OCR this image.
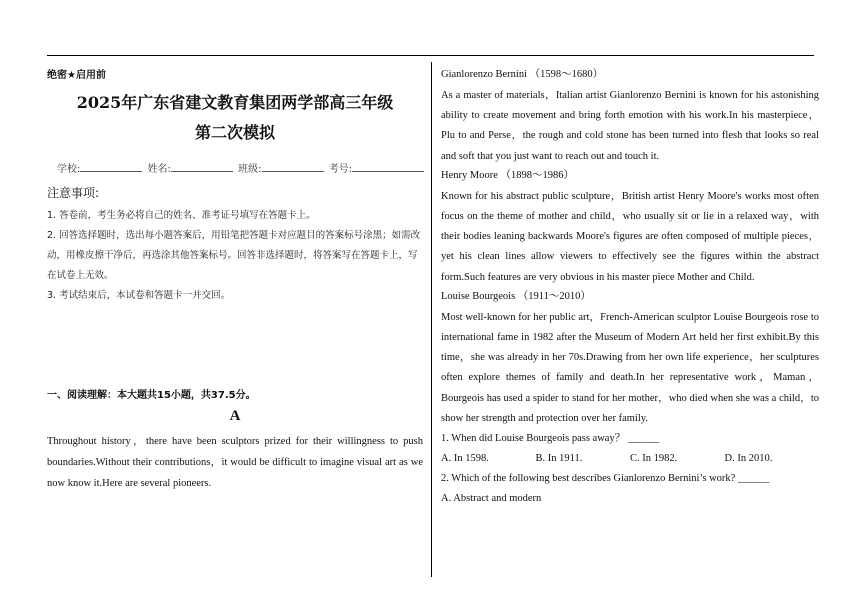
绝密★启用前
2025年广东省建文教育集团两学部高三年级
第二次模拟
学校:	姓名:	班级:	考号:
注意事项:

1. 答卷前，考生务必将自己的姓名、准考证号填写在答题卡上。

2. 回答选择题时，选出每小题答案后，用铅笔把答题卡对应题目的答案标号涂黑；如需改动，用橡皮擦干净后，再选涂其他答案标号。回答非选择题时，将答案写在答题卡上，写在试卷上无效。

3. 考试结束后，本试卷和答题卡一并交回。

一、阅读理解：本大题共15小题，共37.5分。
A
Throughout history，there have been sculptors prized for their willingness to push boundaries.Without their contributions，it would be difficult to imagine visual art as we now know it.Here are several pioneers.

Gianlorenzo Bernini （1598～1680）

As a master of materials，Italian artist Gianlorenzo Bernini is known for his astonishing ability to create movement and bring forth emotion with his work.In his masterpiece，Plu to and Perse，the rough and cold stone has been turned into flesh that looks so real and soft that you just want to reach out and touch it.

Henry Moore （1898～1986）

Known for his abstract public sculpture，British artist Henry Moore's works most often focus on the theme of mother and child，who usually sit or lie in a relaxed way，with their bodies leaning backwards Moore's figures are often composed of multiple pieces，yet his clean lines allow viewers to effectively see the figures within the abstract form.Such features are very obvious in his master piece Mother and Child.

Louise Bourgeois （1911～2010）

Most well-known for her public art，French-American sculptor Louise Bourgeois rose to international fame in 1982 after the Museum of Modern Art held her first exhibit.By this time，she was already in her 70s.Drawing from her own life experience，her sculptures often explore themes of family and death.In her representative work，Maman，Bourgeois has used a spider to stand for her mother，who died when she was a child，to show her strength and protection over her family.

1. When did Louise Bourgeois pass away？ ______

A. In 1598.	B. In 1911.	C. In 1982.	D. In 2010.

2. Which of the following best describes Gianlorenzo Bernini’s work? ______

A. Abstract and modern
